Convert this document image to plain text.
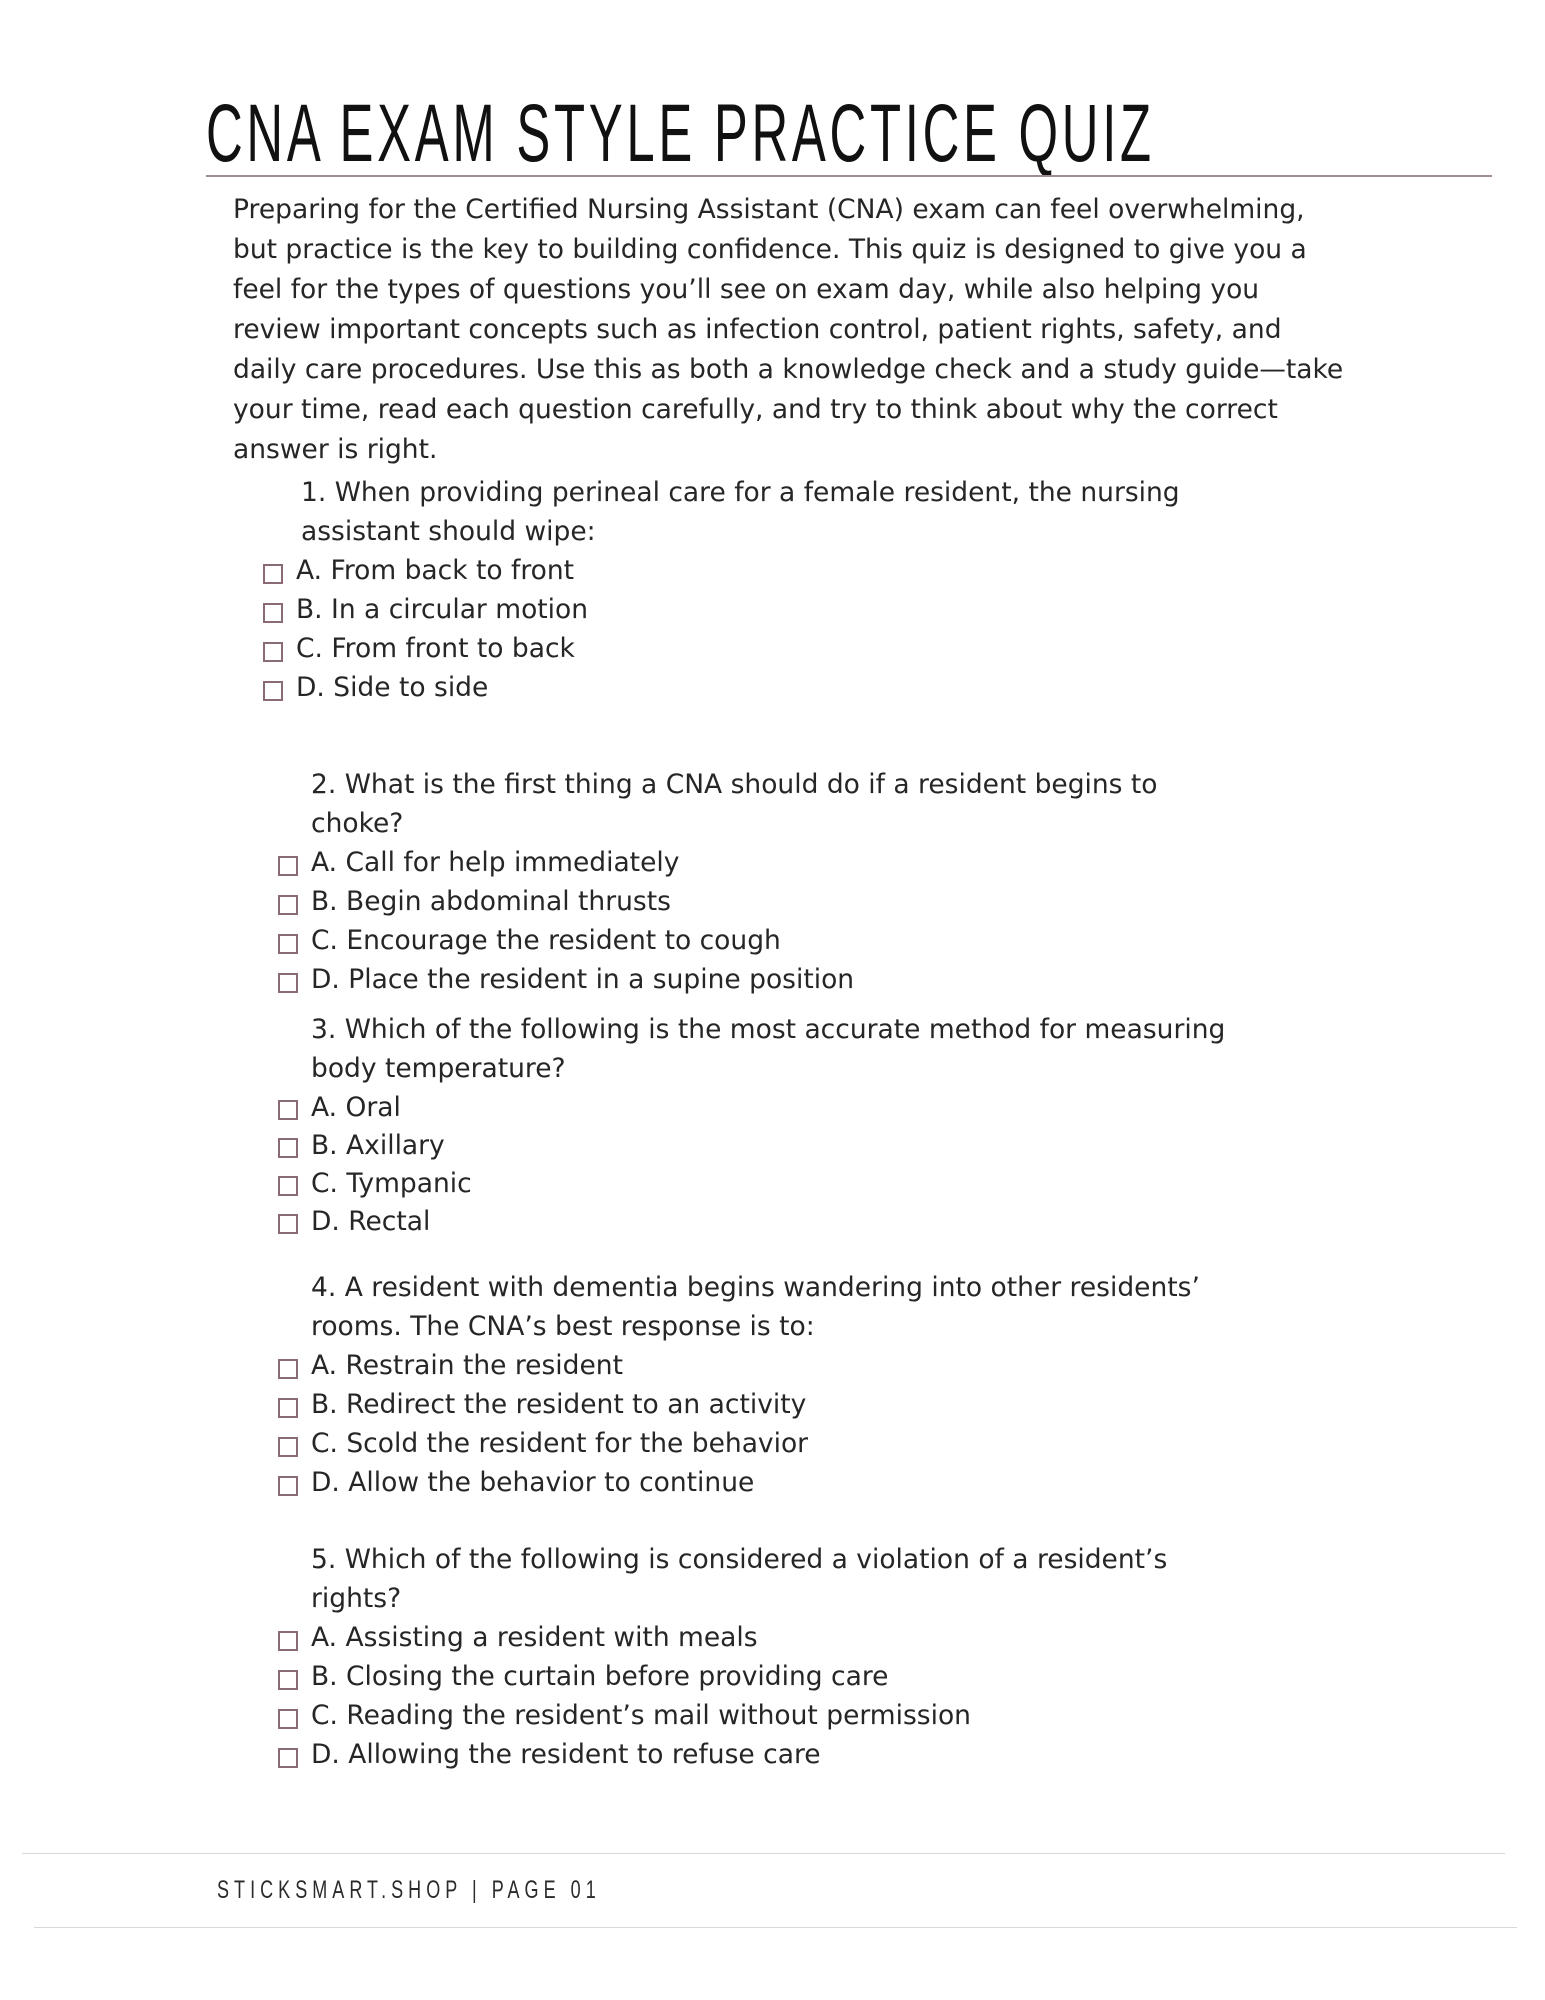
CNA EXAM STYLE PRACTICE QUIZ

Preparing for the Certified Nursing Assistant (CNA) exam can feel overwhelming, but practice is the key to building confidence. This quiz is designed to give you a feel for the types of questions you’ll see on exam day, while also helping you review important concepts such as infection control, patient rights, safety, and daily care procedures. Use this as both a knowledge check and a study guide—take your time, read each question carefully, and try to think about why the correct answer is right.

1. When providing perineal care for a female resident, the nursing assistant should wipe:

A. From back to front
B. In a circular motion
C. From front to back
D. Side to side

2. What is the first thing a CNA should do if a resident begins to choke?

A. Call for help immediately
B. Begin abdominal thrusts
C. Encourage the resident to cough
D. Place the resident in a supine position

3. Which of the following is the most accurate method for measuring body temperature?

A. Oral
B. Axillary
C. Tympanic
D. Rectal

4. A resident with dementia begins wandering into other residents’ rooms. The CNA’s best response is to:

A. Restrain the resident
B. Redirect the resident to an activity
C. Scold the resident for the behavior
D. Allow the behavior to continue

5. Which of the following is considered a violation of a resident’s rights?

A. Assisting a resident with meals
B. Closing the curtain before providing care
C. Reading the resident’s mail without permission
D. Allowing the resident to refuse care
STICKSMART.SHOP | PAGE 01
